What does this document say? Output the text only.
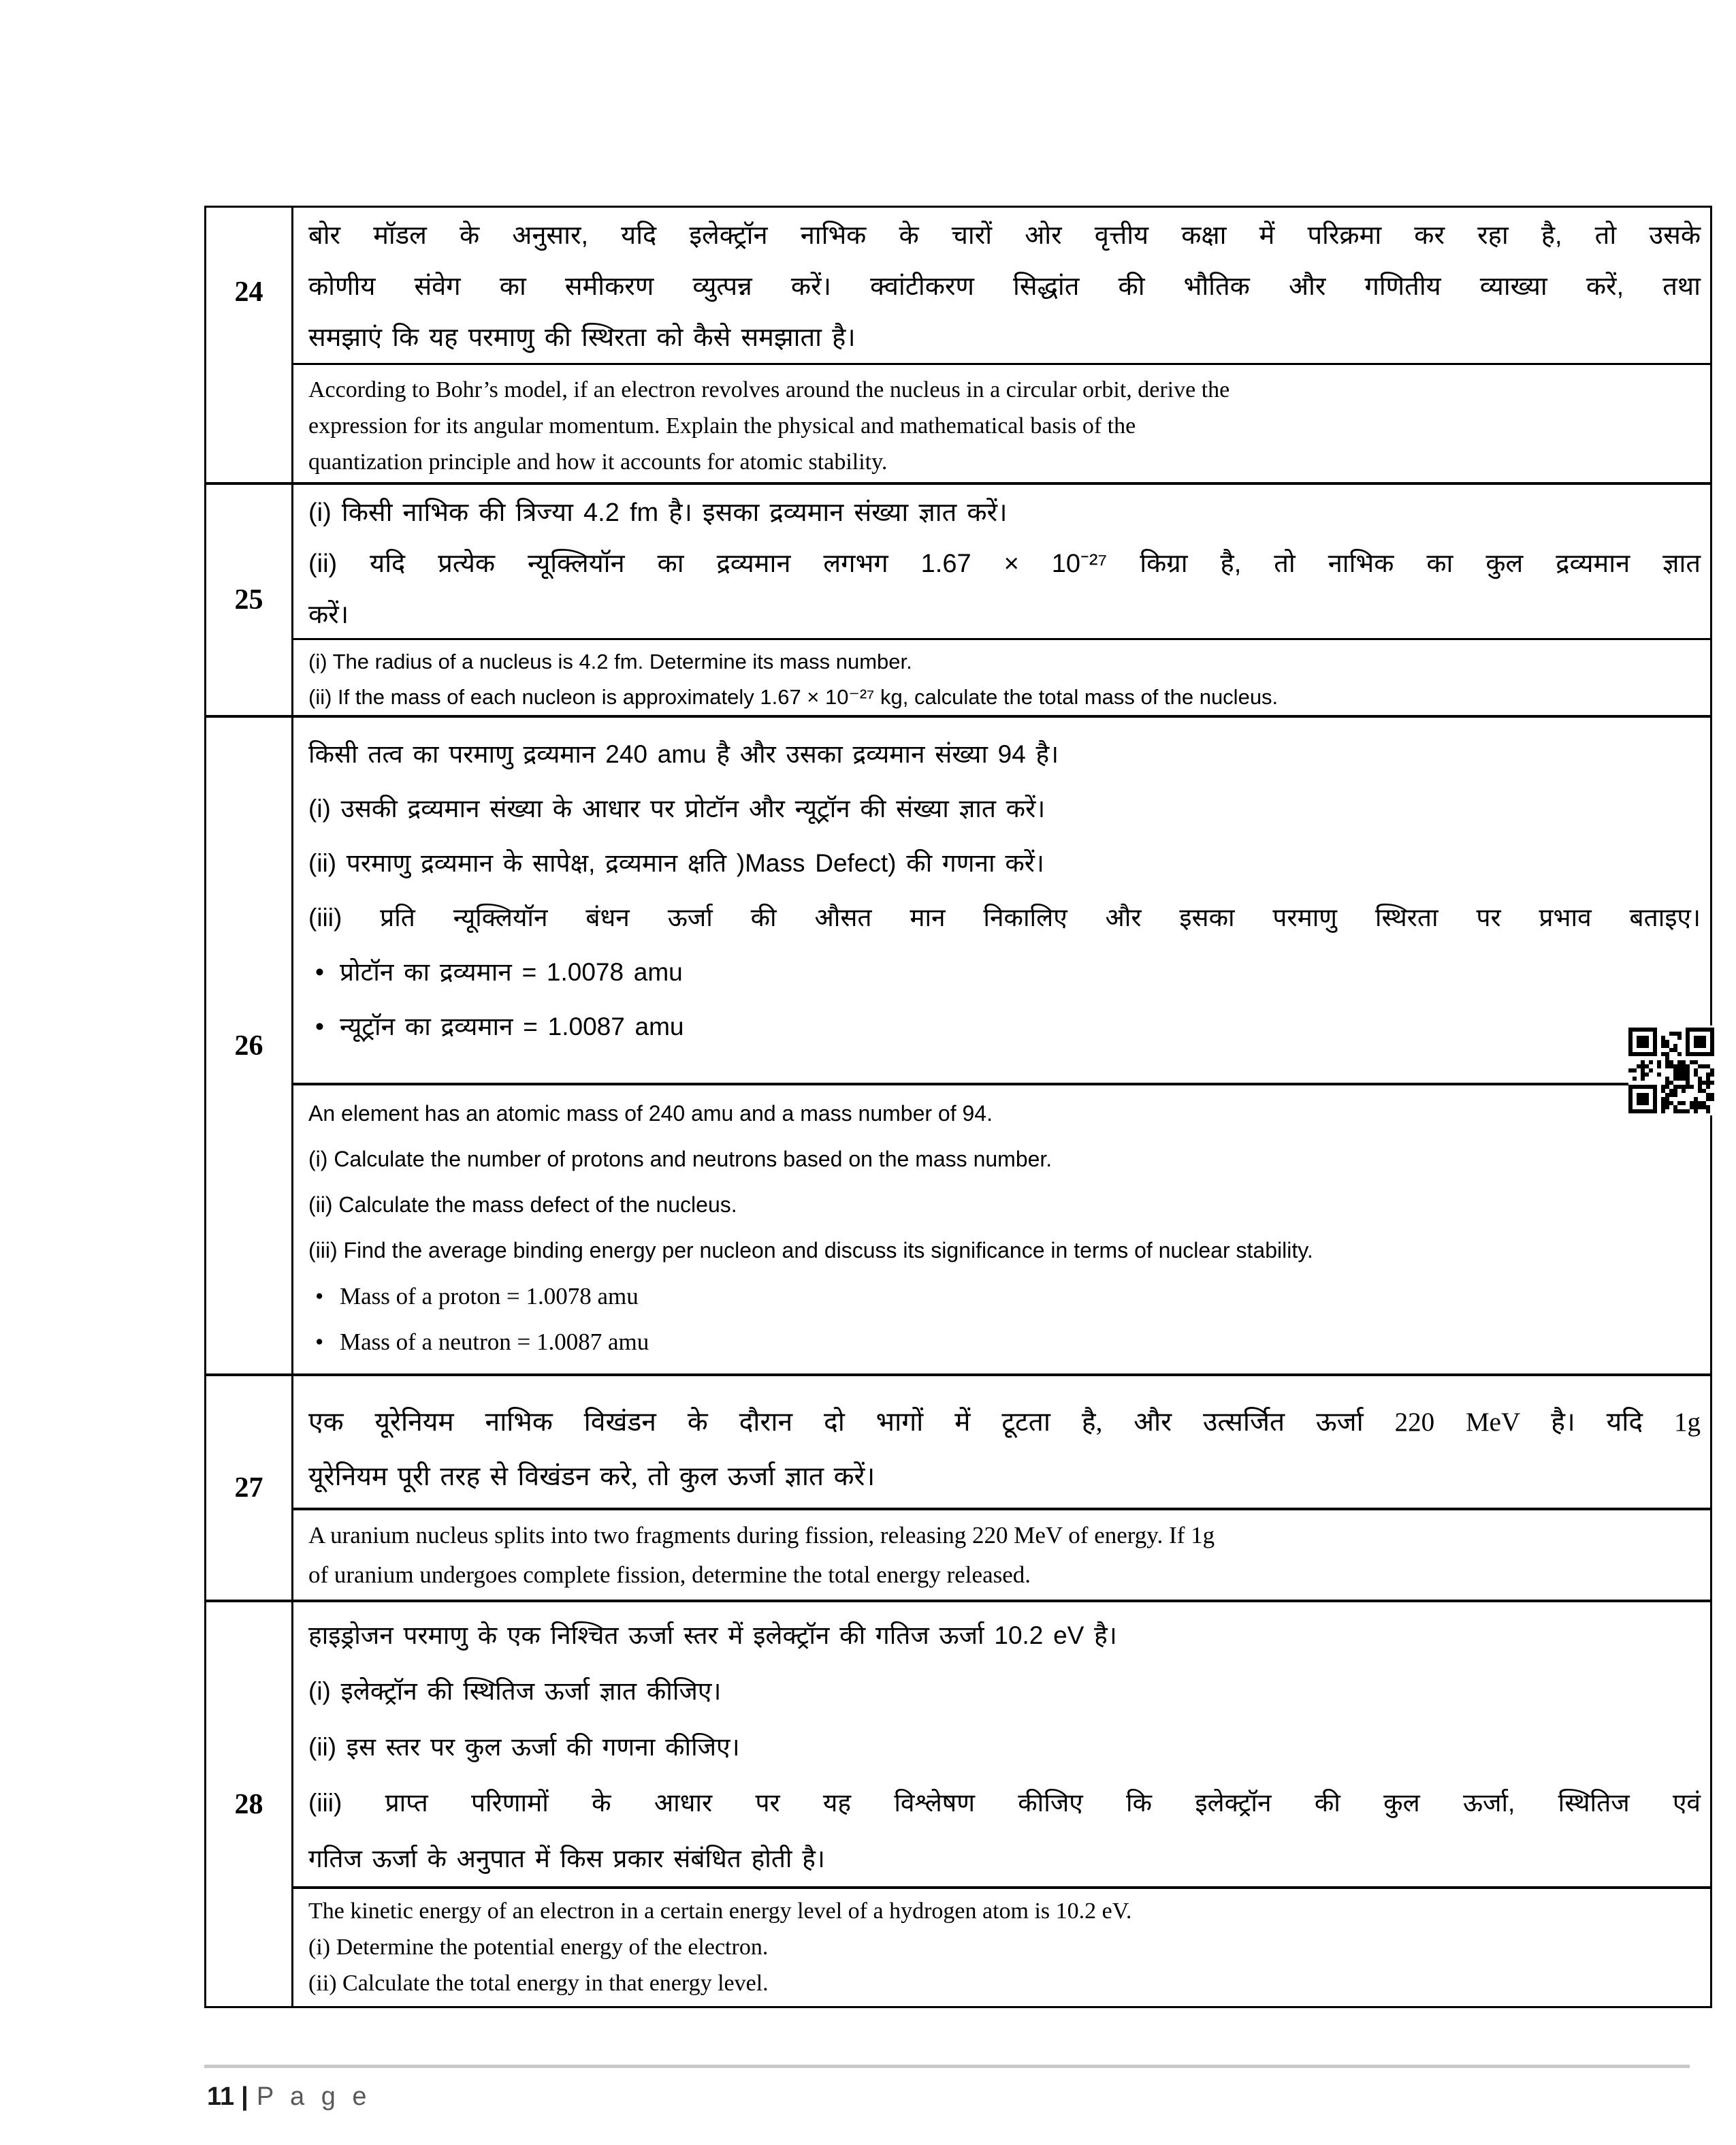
24
बोर मॉडल के अनुसार, यदि इलेक्ट्रॉन नाभिक के चारों ओर वृत्तीय कक्षा में परिक्रमा कर रहा है, तो उसके
कोणीय संवेग का समीकरण व्युत्पन्न करें। क्वांटीकरण सिद्धांत की भौतिक और गणितीय व्याख्या करें, तथा
समझाएं कि यह परमाणु की स्थिरता को कैसे समझाता है।
According to Bohr’s model, if an electron revolves around the nucleus in a circular orbit, derive the
expression for its angular momentum. Explain the physical and mathematical basis of the
quantization principle and how it accounts for atomic stability.
25
(i) किसी नाभिक की त्रिज्या 4.2 fm है। इसका द्रव्यमान संख्या ज्ञात करें।
(ii) यदि प्रत्येक न्यूक्लियॉन का द्रव्यमान लगभग 1.67 × 10⁻²⁷ किग्रा है, तो नाभिक का कुल द्रव्यमान ज्ञात
करें।
(i) The radius of a nucleus is 4.2 fm. Determine its mass number.
(ii) If the mass of each nucleon is approximately 1.67 × 10⁻²⁷ kg, calculate the total mass of the nucleus.
26
किसी तत्व का परमाणु द्रव्यमान 240 amu है और उसका द्रव्यमान संख्या 94 है।
(i) उसकी द्रव्यमान संख्या के आधार पर प्रोटॉन और न्यूट्रॉन की संख्या ज्ञात करें।
(ii) परमाणु द्रव्यमान के सापेक्ष, द्रव्यमान क्षति )Mass Defect) की गणना करें।
(iii) प्रति न्यूक्लियॉन बंधन ऊर्जा की औसत मान निकालिए और इसका परमाणु स्थिरता पर प्रभाव बताइए।
• प्रोटॉन का द्रव्यमान = 1.0078 amu
• न्यूट्रॉन का द्रव्यमान = 1.0087 amu
An element has an atomic mass of 240 amu and a mass number of 94.
(i) Calculate the number of protons and neutrons based on the mass number.
(ii) Calculate the mass defect of the nucleus.
(iii) Find the average binding energy per nucleon and discuss its significance in terms of nuclear stability.
• Mass of a proton = 1.0078 amu
• Mass of a neutron = 1.0087 amu
27
एक यूरेनियम नाभिक विखंडन के दौरान दो भागों में टूटता है, और उत्सर्जित ऊर्जा 220 MeV है। यदि 1g
यूरेनियम पूरी तरह से विखंडन करे, तो कुल ऊर्जा ज्ञात करें।
A uranium nucleus splits into two fragments during fission, releasing 220 MeV of energy. If 1g
of uranium undergoes complete fission, determine the total energy released.
28
हाइड्रोजन परमाणु के एक निश्चित ऊर्जा स्तर में इलेक्ट्रॉन की गतिज ऊर्जा 10.2 eV है।
(i) इलेक्ट्रॉन की स्थितिज ऊर्जा ज्ञात कीजिए।
(ii) इस स्तर पर कुल ऊर्जा की गणना कीजिए।
(iii) प्राप्त परिणामों के आधार पर यह विश्लेषण कीजिए कि इलेक्ट्रॉन की कुल ऊर्जा, स्थितिज एवं
गतिज ऊर्जा के अनुपात में किस प्रकार संबंधित होती है।
The kinetic energy of an electron in a certain energy level of a hydrogen atom is 10.2 eV.
(i) Determine the potential energy of the electron.
(ii) Calculate the total energy in that energy level.
11 | P a g e
